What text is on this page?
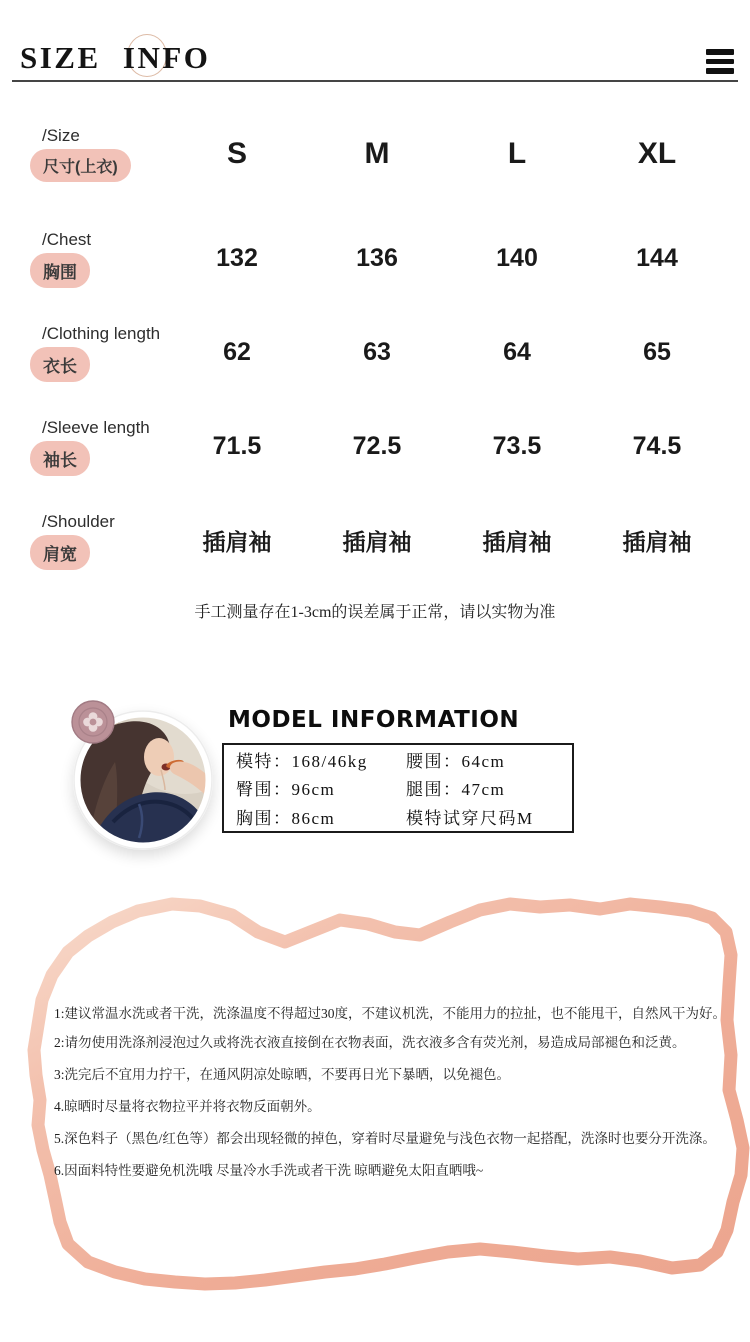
SIZE INFO
/Size
尺寸(上衣)	S	M	L	XL
/Chest
胸围
132	136	140	144
/Clothing length
衣长
62	63	64	65
/Sleeve length
袖长
71.5	72.5	73.5	74.5
/Shoulder
肩宽	插肩袖	插肩袖	插肩袖	插肩袖
手工测量存在1-3cm的误差属于正常，请以实物为准
MODEL INFORMATION
模特：168/46kg	腰围：64cm
臀围：96cm	腿围：47cm
胸围：86cm	模特试穿尺码M
1:建议常温水洗或者干洗，洗涤温度不得超过30度，不建议机洗，不能用力的拉扯，也不能甩干，自然风干为好。
2:请勿使用洗涤剂浸泡过久或将洗衣液直接倒在衣物表面，洗衣液多含有荧光剂，易造成局部褪色和泛黄。
3:洗完后不宜用力拧干，在通风阴凉处晾晒，不要再日光下暴晒，以免褪色。
4.晾晒时尽量将衣物拉平并将衣物反面朝外。
5.深色料子（黑色/红色等）都会出现轻微的掉色，穿着时尽量避免与浅色衣物一起搭配，洗涤时也要分开洗涤。
6.因面料特性要避免机洗哦 尽量冷水手洗或者干洗 晾晒避免太阳直晒哦~
